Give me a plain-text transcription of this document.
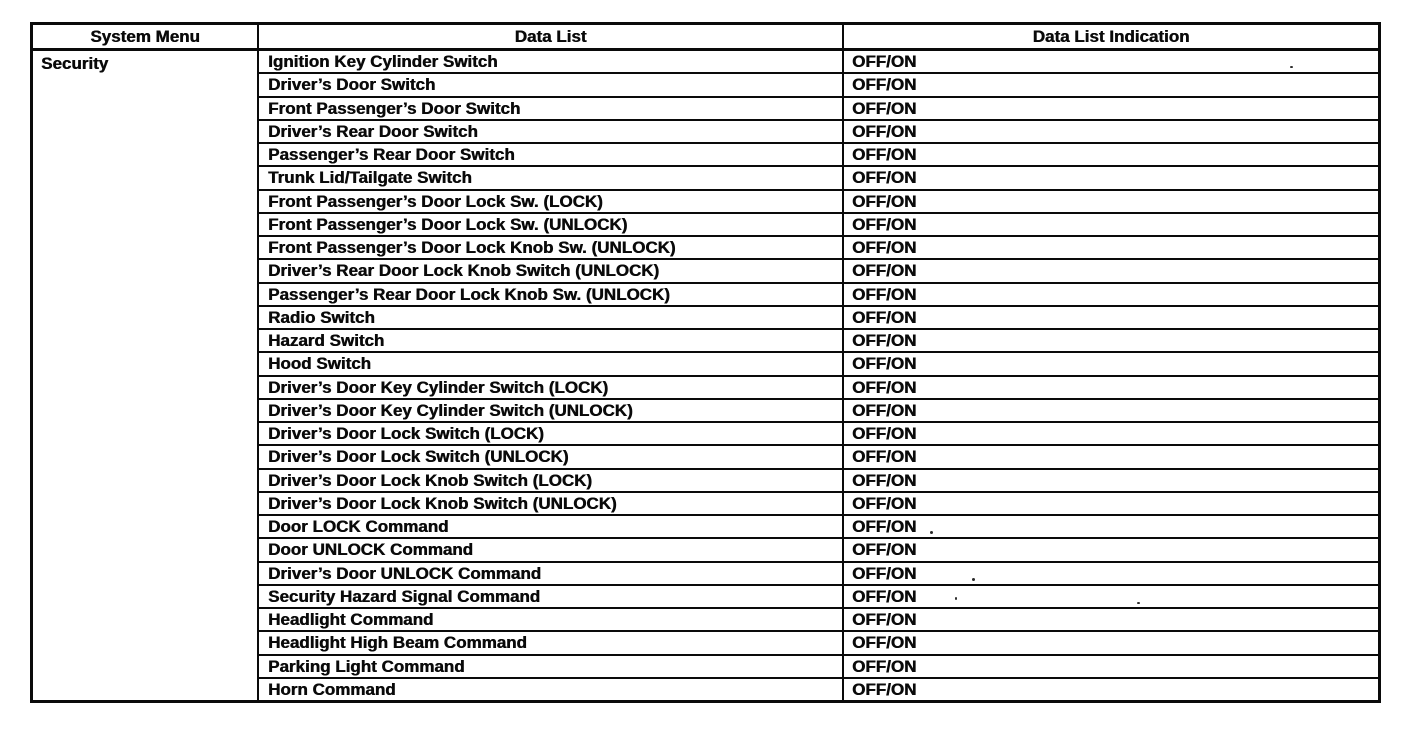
System Menu	Data List	Data List Indication
Security	Ignition Key Cylinder Switch	OFF/ON
Driver’s Door Switch	OFF/ON
Front Passenger’s Door Switch	OFF/ON
Driver’s Rear Door Switch	OFF/ON
Passenger’s Rear Door Switch	OFF/ON
Trunk Lid/Tailgate Switch	OFF/ON
Front Passenger’s Door Lock Sw. (LOCK)	OFF/ON
Front Passenger’s Door Lock Sw. (UNLOCK)	OFF/ON
Front Passenger’s Door Lock Knob Sw. (UNLOCK)	OFF/ON
Driver’s Rear Door Lock Knob Switch (UNLOCK)	OFF/ON
Passenger’s Rear Door Lock Knob Sw. (UNLOCK)	OFF/ON
Radio Switch	OFF/ON
Hazard Switch	OFF/ON
Hood Switch	OFF/ON
Driver’s Door Key Cylinder Switch (LOCK)	OFF/ON
Driver’s Door Key Cylinder Switch (UNLOCK)	OFF/ON
Driver’s Door Lock Switch (LOCK)	OFF/ON
Driver’s Door Lock Switch (UNLOCK)	OFF/ON
Driver’s Door Lock Knob Switch (LOCK)	OFF/ON
Driver’s Door Lock Knob Switch (UNLOCK)	OFF/ON
Door LOCK Command	OFF/ON
Door UNLOCK Command	OFF/ON
Driver’s Door UNLOCK Command	OFF/ON
Security Hazard Signal Command	OFF/ON
Headlight Command	OFF/ON
Headlight High Beam Command	OFF/ON
Parking Light Command	OFF/ON
Horn Command	OFF/ON
